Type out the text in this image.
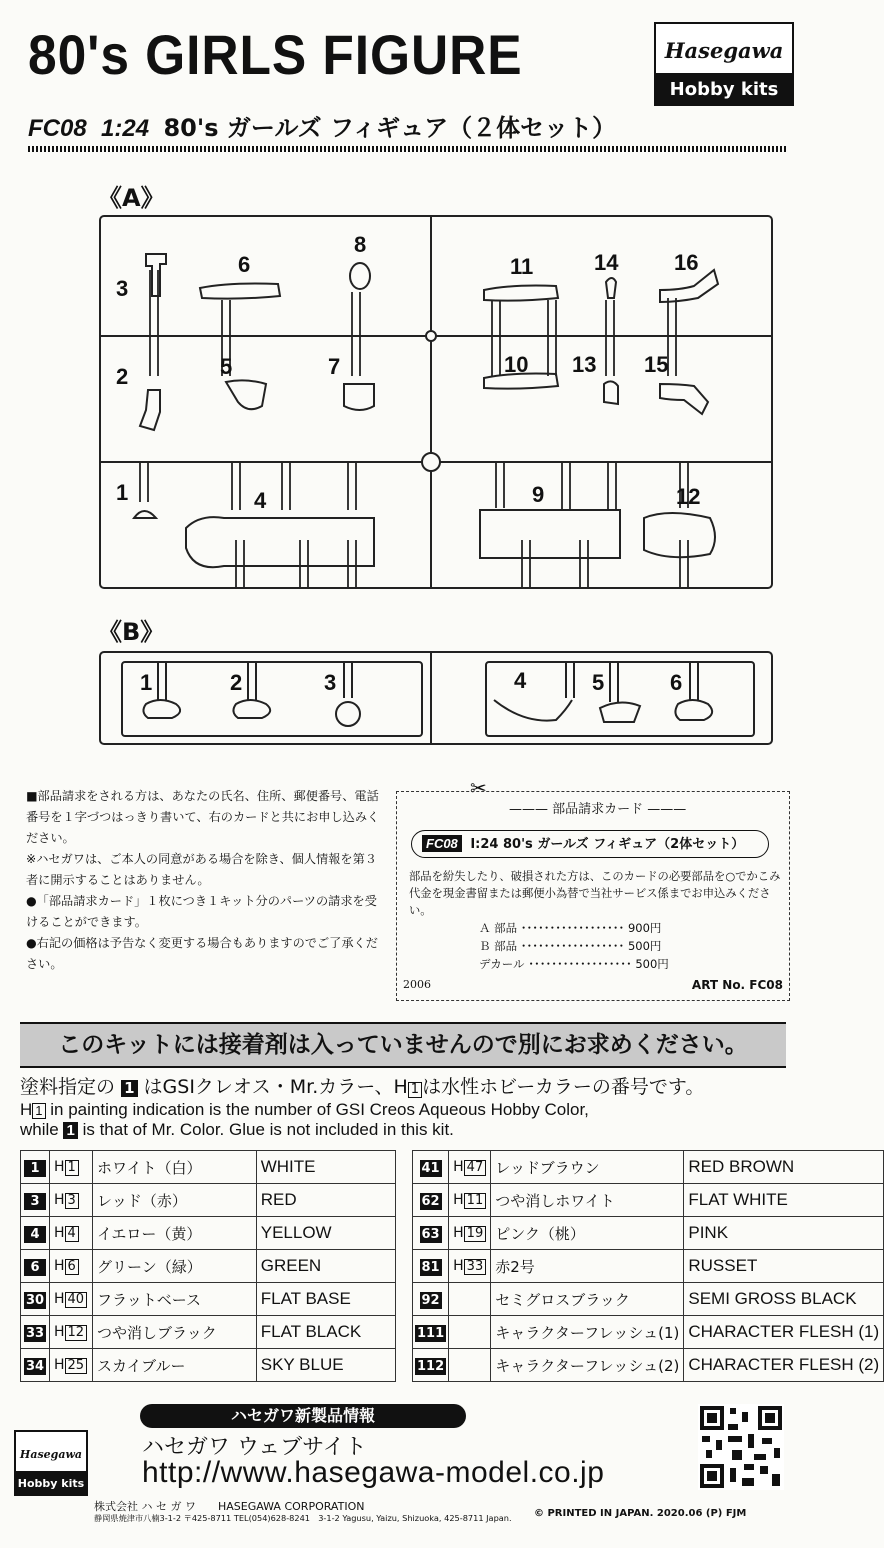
80's GIRLS FIGURE	Hasegawa
Hobby kits
FC08 1:24 80's ガールズ フィギュア（２体セット）
《A》
3
6
8
11	14	16
2	5	7	10 13 15
1	4	9	12
《B》
1	2	3	4	5	6

■部品請求をされる方は、あなたの氏名、住所、郵便番号、電話番号を１字づつはっきり書いて、右のカードと共にお申し込みください。

※ハセガワは、ご本人の同意がある場合を除き、個人情報を第３者に開示することはありません。

●「部品請求カード」１枚につき１キット分のパーツの請求を受けることができます。

●右記の価格は予告なく変更する場合もありますのでご了承ください。

✂
——— 部品請求カード ———
FC08 I:24 80's ガールズ フィギュア（2体セット）
部品を紛失したり、破損された方は、このカードの必要部品を○でかこみ代金を現金書留または郵便小為替で当社サービス係までお申込みください。
Ａ 部品 ･･････････････････ 900円
Ｂ 部品 ･･････････････････ 500円
デカール ･･････････････････ 500円
2006	ART No. FC08
このキットには接着剤は入っていませんので別にお求めください。
塗料指定の 1 はGSIクレオス・Mr.カラー、H 1 は水性ホビーカラーの番号です。
H 1 in painting indication is the number of GSI Creos Aqueous Hobby Color,
while 1 is that of Mr. Color. Glue is not included in this kit.
1	H 1	ホワイト（白）	WHITE
3	H 3	レッド（赤）	RED
4	H 4	イエロー（黄）	YELLOW
6	H 6	グリーン（緑）	GREEN
30	H 40	フラットベース	FLAT BASE
33	H 12	つや消しブラック	FLAT BLACK
34	H 25	スカイブルー	SKY BLUE
41	H 47	レッドブラウン	RED BROWN
62	H 11	つや消しホワイト	FLAT WHITE
63	H 19	ピンク（桃）	PINK
81	H 33	赤2号	RUSSET
92		セミグロスブラック	SEMI GROSS BLACK
111		キャラクターフレッシュ(1)	CHARACTER FLESH (1)
112		キャラクターフレッシュ(2)	CHARACTER FLESH (2)
Hasegawa
Hobby kits
ハセガワ新製品情報
ハセガワ ウェブサイト
http://www.hasegawa-model.co.jp
株式会社 ハ セ ガ ワ　　HASEGAWA CORPORATION
静岡県焼津市八楠3-1-2 〒425-8711 TEL(054)628-8241　3-1-2 Yagusu, Yaizu, Shizuoka, 425-8711 Japan. © PRINTED IN JAPAN. 2020.06 (P) FJM
